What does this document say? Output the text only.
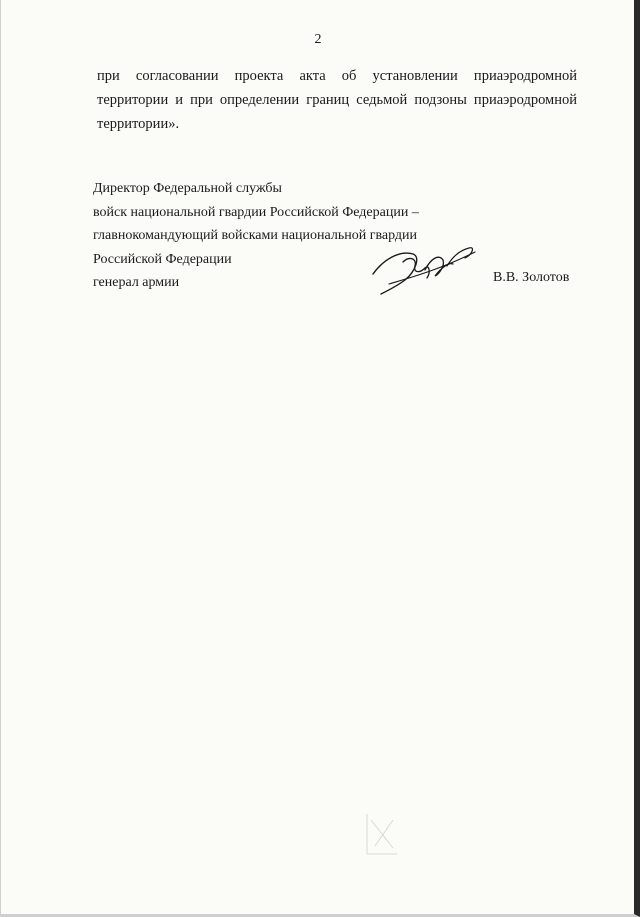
2
при согласовании проекта акта об установлении приаэродромной
территории и при определении границ седьмой подзоны приаэродромной
территории».
Директор Федеральной службы
войск национальной гвардии Российской Федерации –
главнокомандующий войсками национальной гвардии
Российской Федерации
генерал армии	В.В. Золотов
